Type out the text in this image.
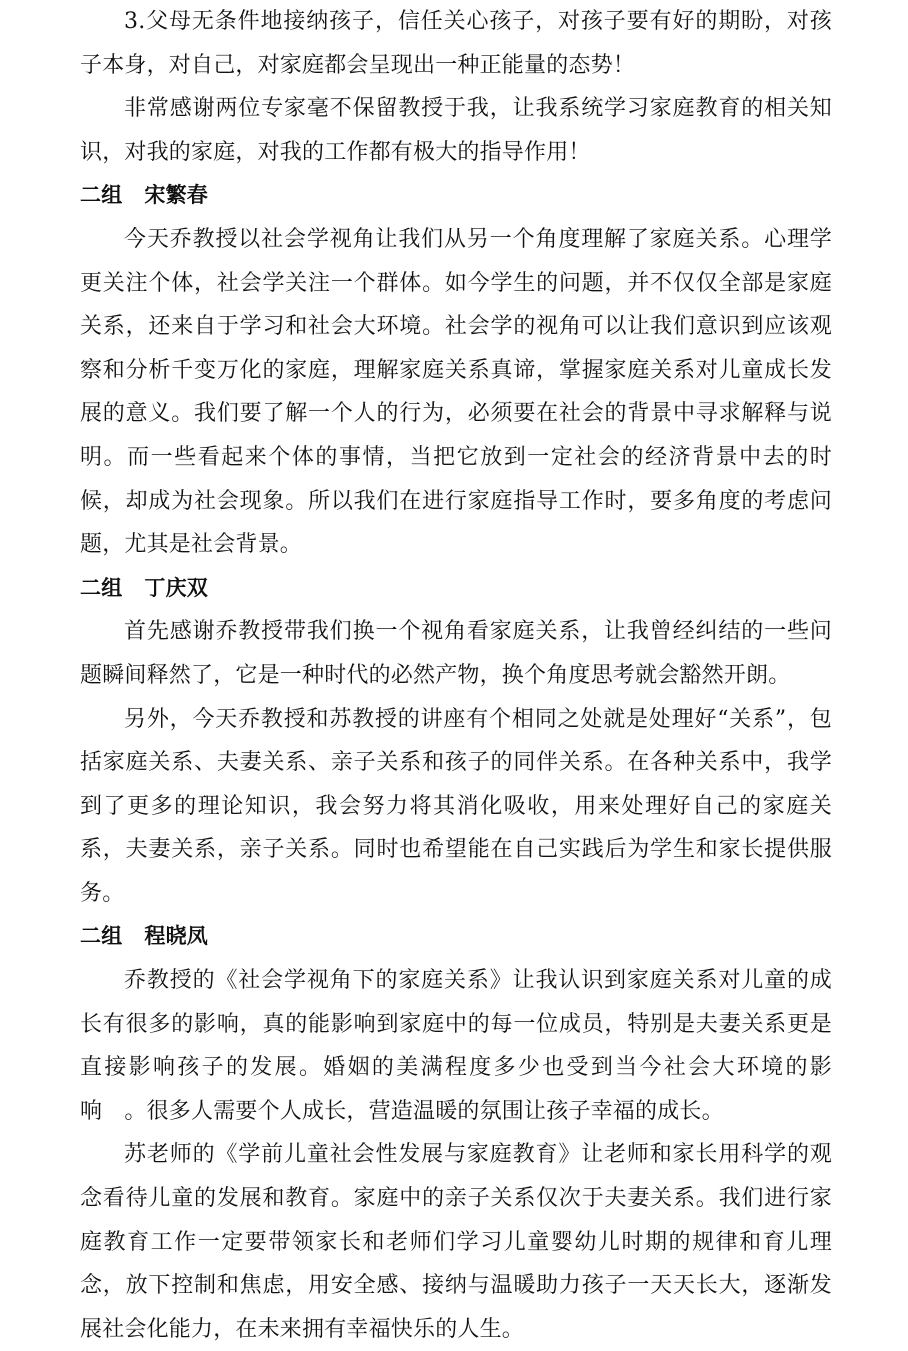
3.父母无条件地接纳孩子，信任关心孩子，对孩子要有好的期盼，对孩子本身，对自己，对家庭都会呈现出一种正能量的态势！

非常感谢两位专家毫不保留教授于我，让我系统学习家庭教育的相关知识，对我的家庭，对我的工作都有极大的指导作用！

二组 宋繁春

今天乔教授以社会学视角让我们从另一个角度理解了家庭关系。心理学更关注个体，社会学关注一个群体。如今学生的问题，并不仅仅全部是家庭关系，还来自于学习和社会大环境。社会学的视角可以让我们意识到应该观察和分析千变万化的家庭，理解家庭关系真谛，掌握家庭关系对儿童成长发展的意义。我们要了解一个人的行为，必须要在社会的背景中寻求解释与说明。而一些看起来个体的事情，当把它放到一定社会的经济背景中去的时候，却成为社会现象。所以我们在进行家庭指导工作时，要多角度的考虑问题，尤其是社会背景。

二组 丁庆双

首先感谢乔教授带我们换一个视角看家庭关系，让我曾经纠结的一些问题瞬间释然了，它是一种时代的必然产物，换个角度思考就会豁然开朗。

另外，今天乔教授和苏教授的讲座有个相同之处就是处理好“关系”，包括家庭关系、夫妻关系、亲子关系和孩子的同伴关系。在各种关系中，我学到了更多的理论知识，我会努力将其消化吸收，用来处理好自己的家庭关系，夫妻关系，亲子关系。同时也希望能在自己实践后为学生和家长提供服务。

二组 程晓凤

乔教授的《社会学视角下的家庭关系》让我认识到家庭关系对儿童的成长有很多的影响，真的能影响到家庭中的每一位成员，特别是夫妻关系更是直接影响孩子的发展。婚姻的美满程度多少也受到当今社会大环境的影响　。很多人需要个人成长，营造温暖的氛围让孩子幸福的成长。

苏老师的《学前儿童社会性发展与家庭教育》让老师和家长用科学的观念看待儿童的发展和教育。家庭中的亲子关系仅次于夫妻关系。我们进行家庭教育工作一定要带领家长和老师们学习儿童婴幼儿时期的规律和育儿理念，放下控制和焦虑，用安全感、接纳与温暖助力孩子一天天长大，逐渐发展社会化能力，在未来拥有幸福快乐的人生。
